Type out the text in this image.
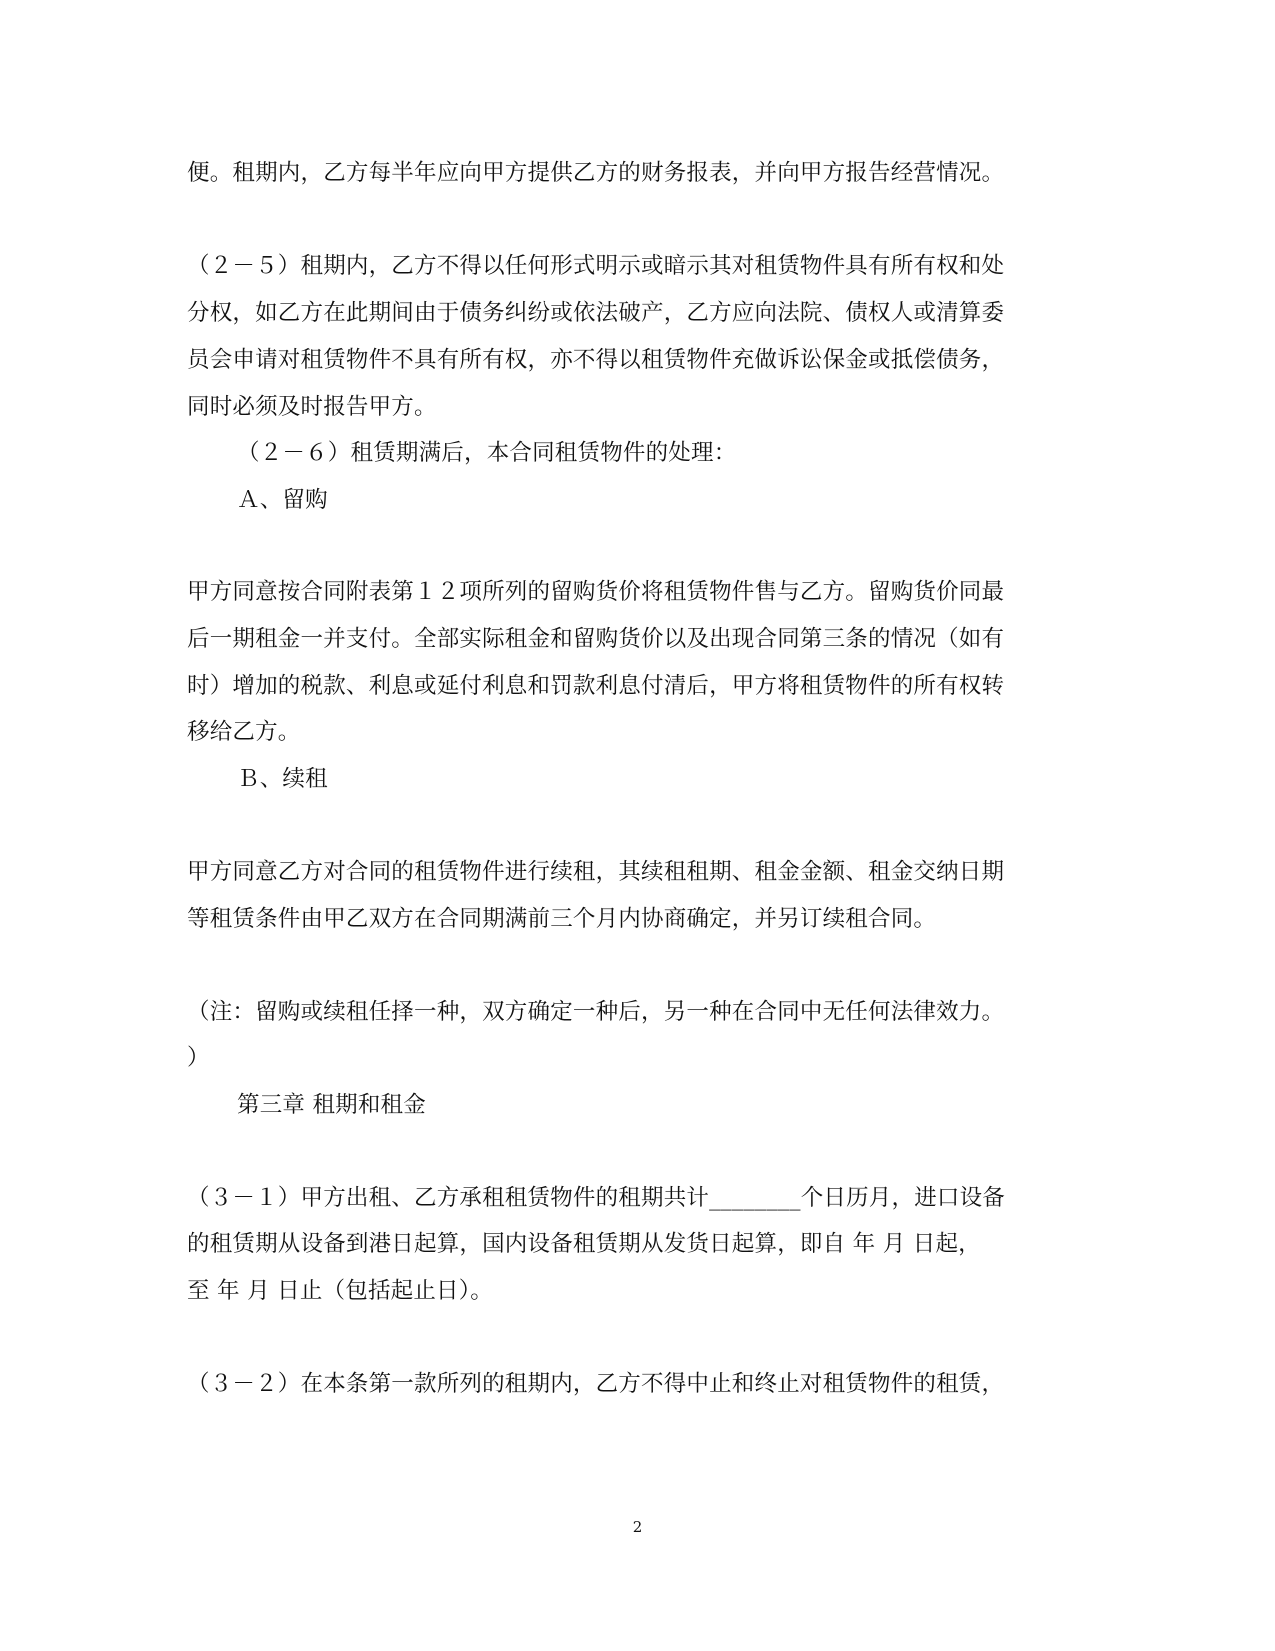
便。租期内，乙方每半年应向甲方提供乙方的财务报表，并向甲方报告经营情况。
（２－５）租期内，乙方不得以任何形式明示或暗示其对租赁物件具有所有权和处
分权，如乙方在此期间由于债务纠纷或依法破产，乙方应向法院、债权人或清算委
员会申请对租赁物件不具有所有权，亦不得以租赁物件充做诉讼保金或抵偿债务，
同时必须及时报告甲方。
（２－６）租赁期满后，本合同租赁物件的处理：
Ａ、留购
甲方同意按合同附表第１２项所列的留购货价将租赁物件售与乙方。留购货价同最
后一期租金一并支付。全部实际租金和留购货价以及出现合同第三条的情况（如有
时）增加的税款、利息或延付利息和罚款利息付清后，甲方将租赁物件的所有权转
移给乙方。
Ｂ、续租
甲方同意乙方对合同的租赁物件进行续租，其续租租期、租金金额、租金交纳日期
等租赁条件由甲乙双方在合同期满前三个月内协商确定，并另订续租合同。
（注：留购或续租任择一种，双方确定一种后，另一种在合同中无任何法律效力。
）
第三章 租期和租金
（３－１）甲方出租、乙方承租租赁物件的租期共计________个日历月，进口设备
的租赁期从设备到港日起算，国内设备租赁期从发货日起算，即自 年 月 日起，
至 年 月 日止（包括起止日）。
（３－２）在本条第一款所列的租期内，乙方不得中止和终止对租赁物件的租赁，
2
